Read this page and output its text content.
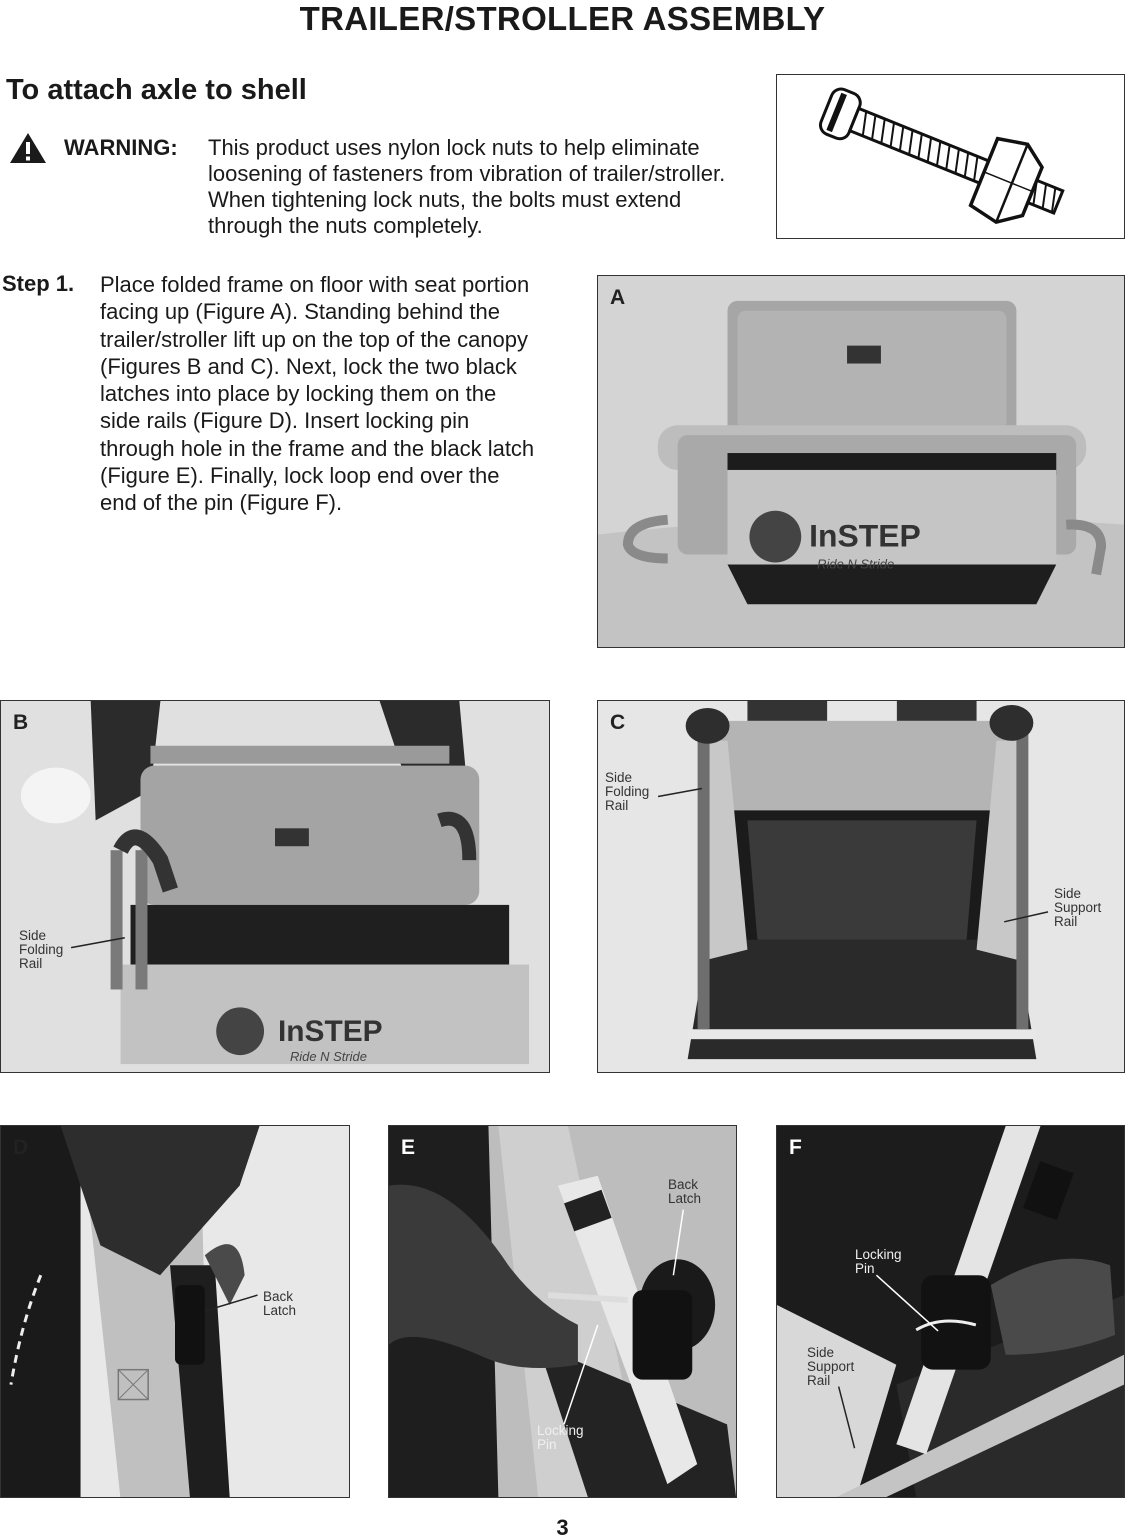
TRAILER/STROLLER ASSEMBLY
To attach axle to shell
WARNING: This product uses nylon lock nuts to help eliminate loosening of fasteners from vibration of trailer/stroller. When tightening lock nuts, the bolts must extend through the nuts completely.
Step 1. Place folded frame on floor with seat portion facing up (Figure A). Standing behind the trailer/stroller lift up on the top of the canopy (Figures B and C). Next, lock the two black latches into place by locking them on the side rails (Figure D). Insert locking pin through hole in the frame and the black latch (Figure E). Finally, lock loop end over the end of the pin (Figure F).
InSTEP
Ride N Stride
A
InSTEP
Ride N Stride
B
Side Folding Rail
C
Side Folding Rail
Side Support Rail
D
Back Latch
E
Back Latch
Locking Pin
F
Locking Pin
Side Support Rail
3
